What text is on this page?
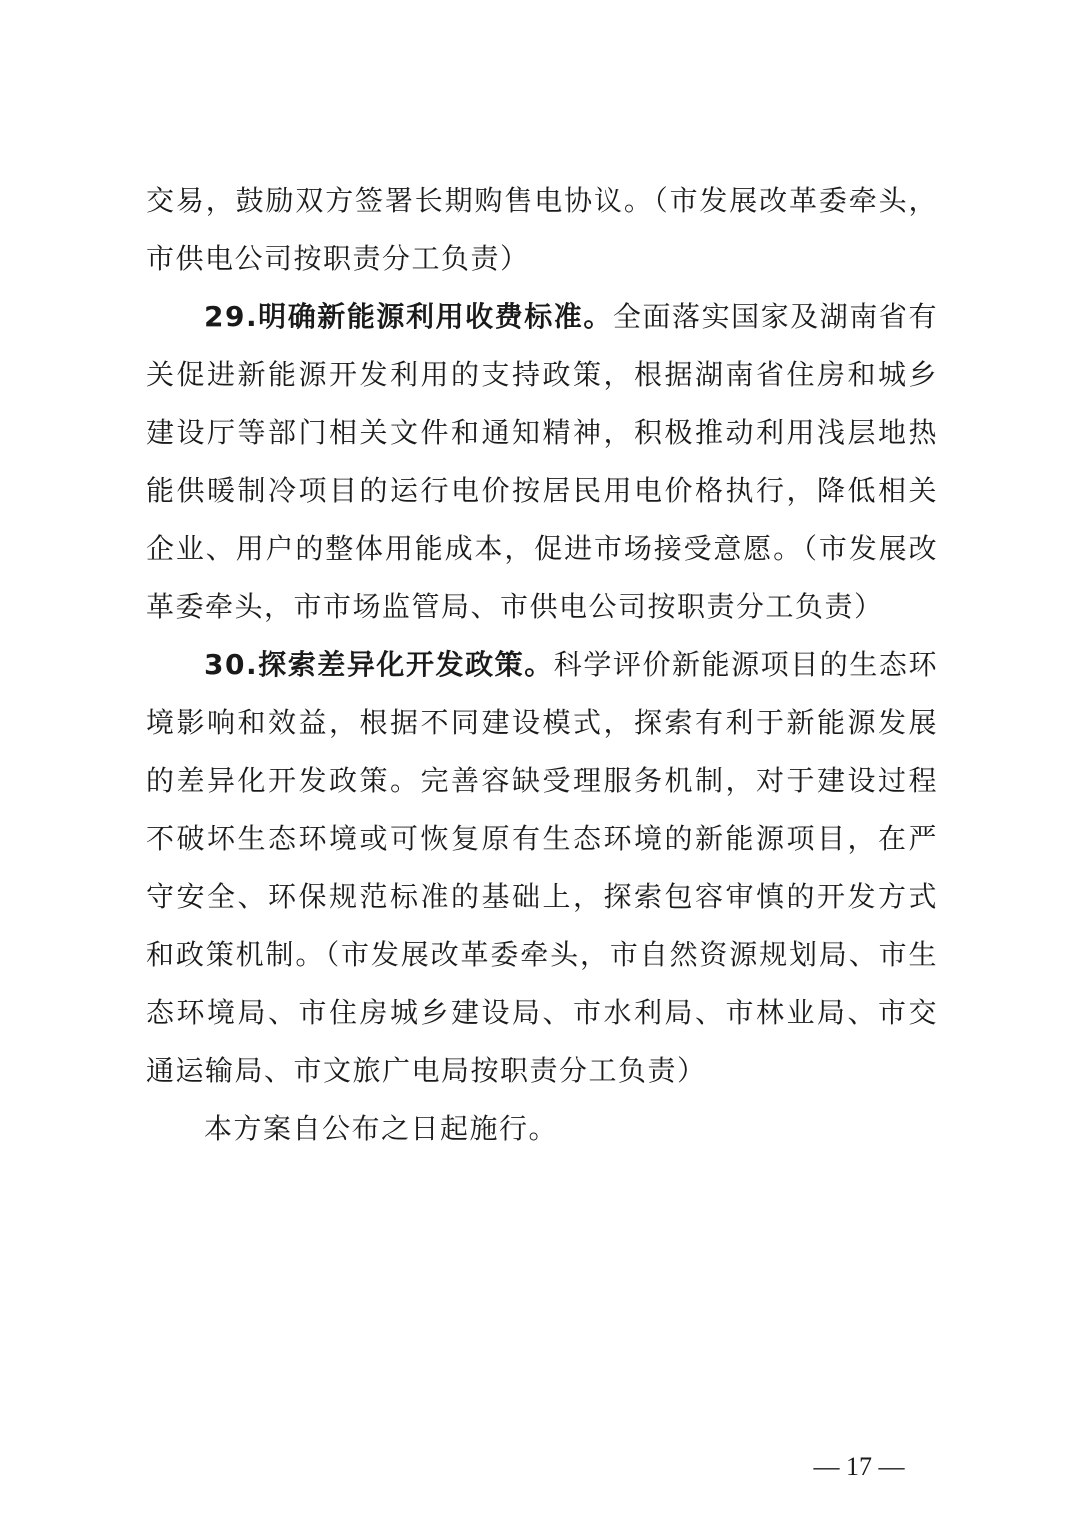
交易，鼓励双方签署长期购售电协议。（市发展改革委牵头，市供电公司按职责分工负责）

29.明确新能源利用收费标准。全面落实国家及湖南省有关促进新能源开发利用的支持政策，根据湖南省住房和城乡建设厅等部门相关文件和通知精神，积极推动利用浅层地热能供暖制冷项目的运行电价按居民用电价格执行，降低相关企业、用户的整体用能成本，促进市场接受意愿。（市发展改革委牵头，市市场监管局、市供电公司按职责分工负责）

30.探索差异化开发政策。科学评价新能源项目的生态环境影响和效益，根据不同建设模式，探索有利于新能源发展的差异化开发政策。完善容缺受理服务机制，对于建设过程不破坏生态环境或可恢复原有生态环境的新能源项目，在严守安全、环保规范标准的基础上，探索包容审慎的开发方式和政策机制。（市发展改革委牵头，市自然资源规划局、市生态环境局、市住房城乡建设局、市水利局、市林业局、市交通运输局、市文旅广电局按职责分工负责）

本方案自公布之日起施行。

— 17 —
